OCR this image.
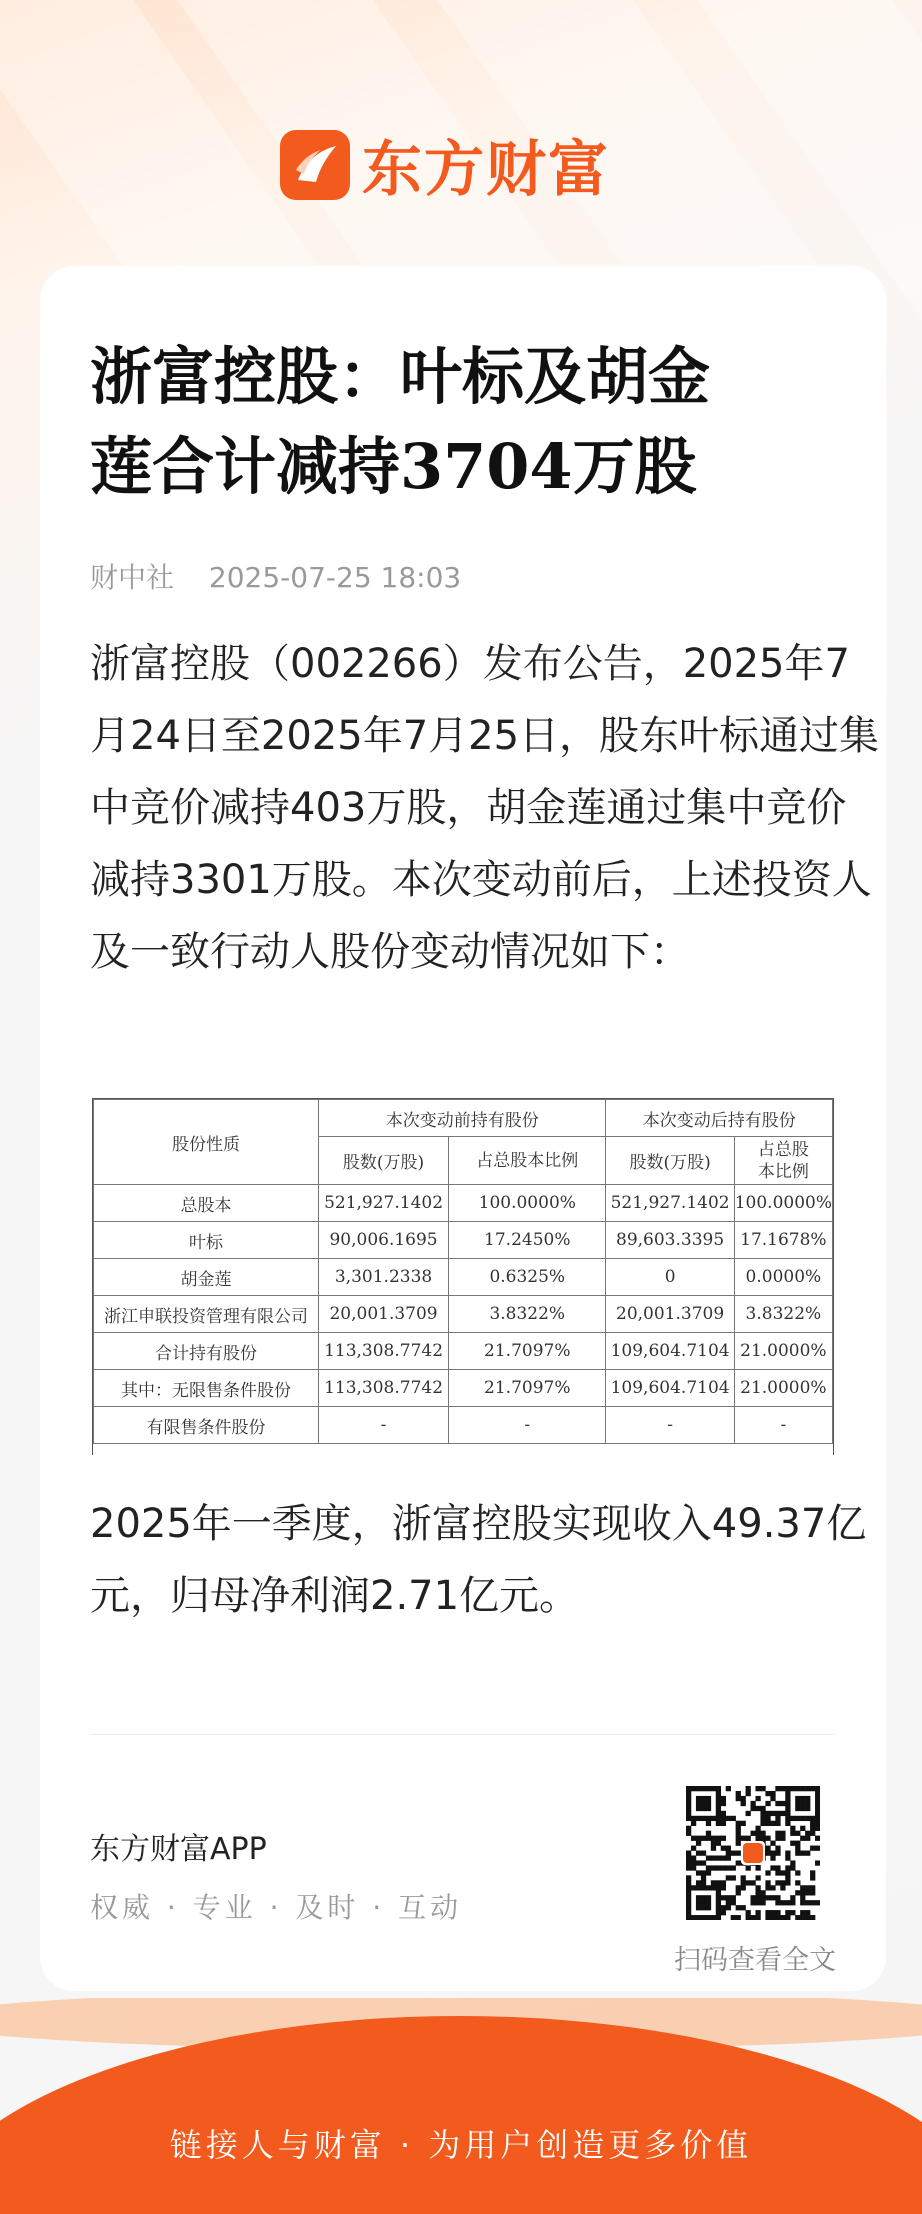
东方财富
浙富控股：叶标及胡金
莲合计减持3704万股
财中社 2025-07-25 18:03
浙富控股（002266）发布公告，2025年7月24日至2025年7月25日，股东叶标通过集中竞价减持403万股，胡金莲通过集中竞价减持3301万股。本次变动前后，上述投资人及一致行动人股份变动情况如下：
股份性质	本次变动前持有股份		本次变动后持有股份	
	股数(万股)	占总股本比例	股数(万股)	占总股本比例
总股本	521,927.1402	100.0000%	521,927.1402	100.0000%
叶标	90,006.1695	17.2450%	89,603.3395	17.1678%
胡金莲	3,301.2338	0.6325%	0	0.0000%
浙江申联投资管理有限公司	20,001.3709	3.8322%	20,001.3709	3.8322%
合计持有股份	113,308.7742	21.7097%	109,604.7104	21.0000%
其中：无限售条件股份	113,308.7742	21.7097%	109,604.7104	21.0000%
有限售条件股份	-	-	-	-
2025年一季度，浙富控股实现收入49.37亿元，归母净利润2.71亿元。
东方财富APP
权威 · 专业 · 及时 · 互动
扫码查看全文
链接人与财富 · 为用户创造更多价值
